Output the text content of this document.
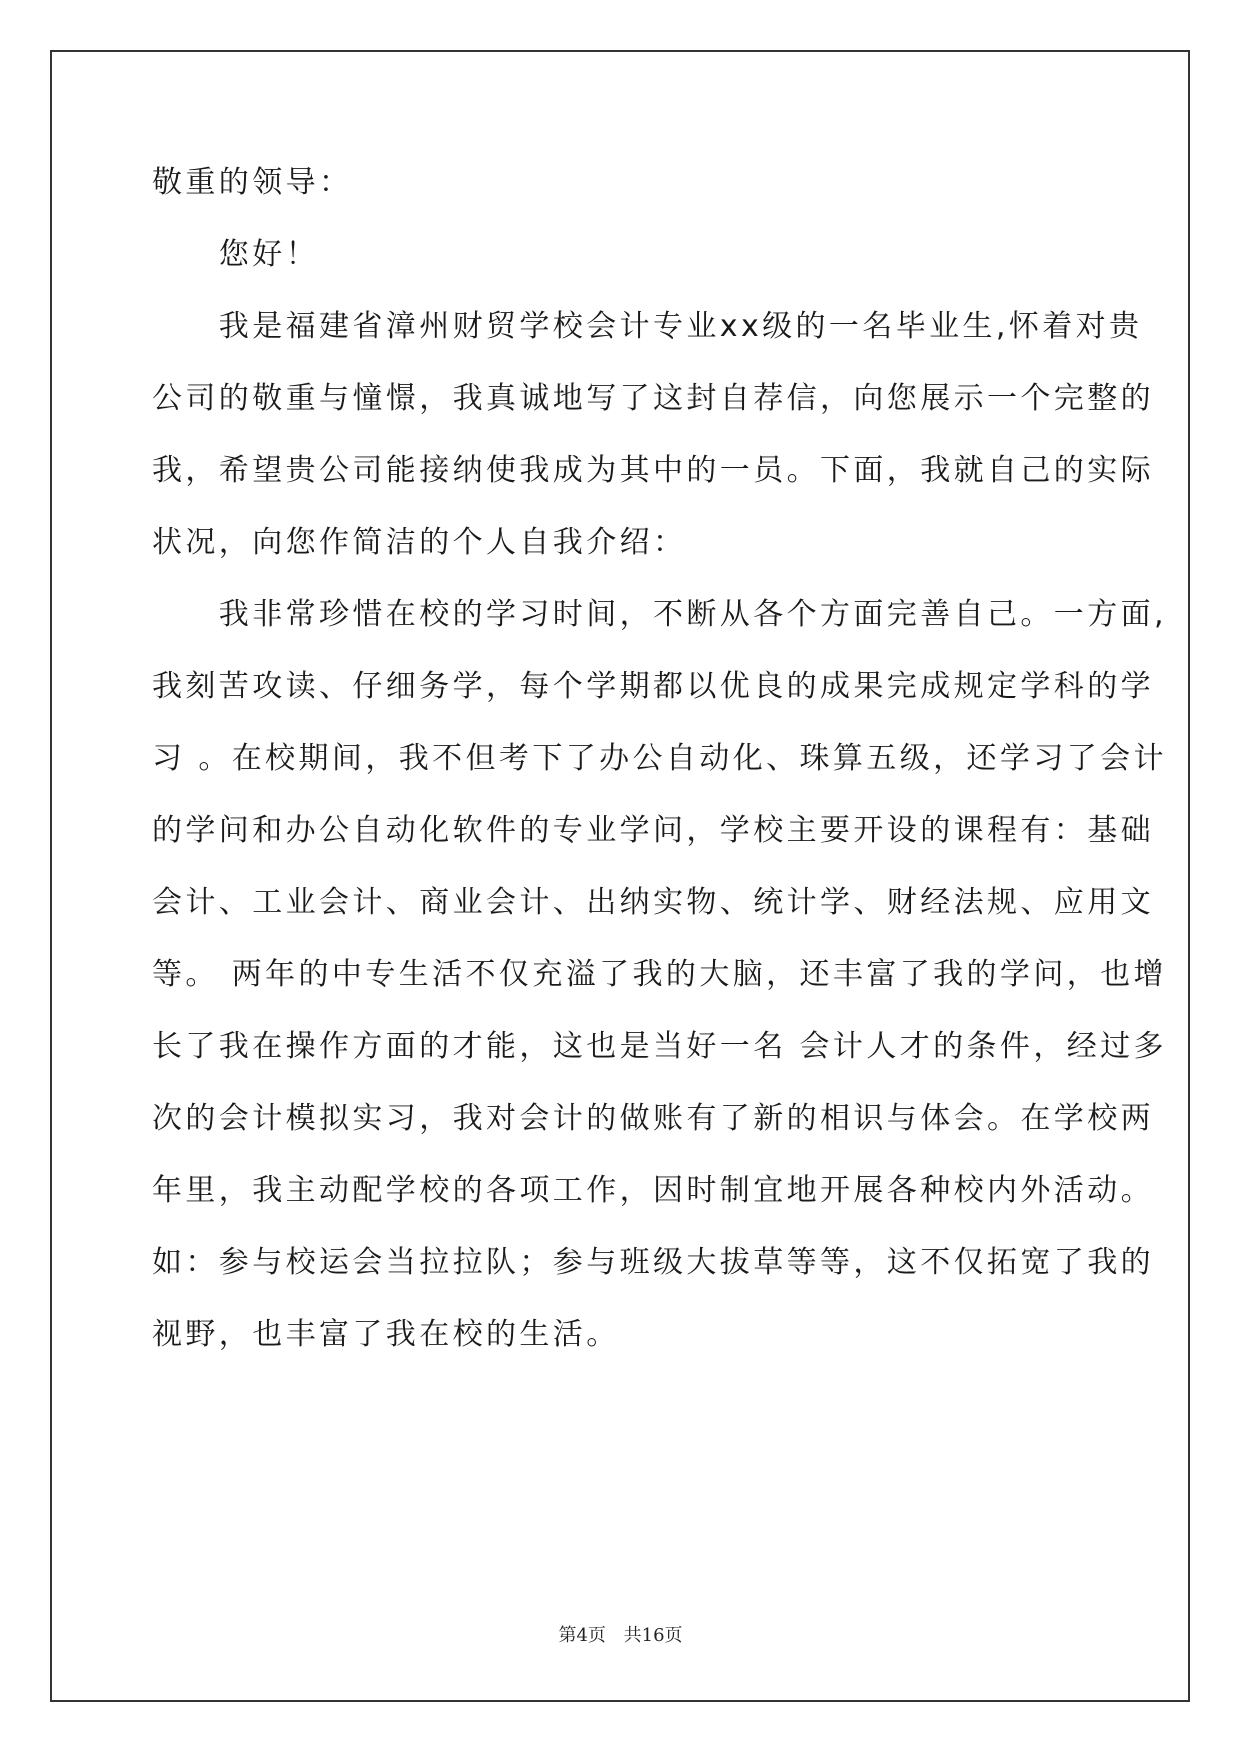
敬重的领导：
　　您好！
　　我是福建省漳州财贸学校会计专业xx级的一名毕业生,怀着对贵
公司的敬重与憧憬，我真诚地写了这封自荐信，向您展示一个完整的
我，希望贵公司能接纳使我成为其中的一员。下面，我就自己的实际
状况，向您作简洁的个人自我介绍：
　　我非常珍惜在校的学习时间，不断从各个方面完善自己。一方面,
我刻苦攻读、仔细务学，每个学期都以优良的成果完成规定学科的学
习 。在校期间，我不但考下了办公自动化、珠算五级，还学习了会计
的学问和办公自动化软件的专业学问，学校主要开设的课程有：基础
会计、工业会计、商业会计、出纳实物、统计学、财经法规、应用文
等。 两年的中专生活不仅充溢了我的大脑，还丰富了我的学问，也增
长了我在操作方面的才能，这也是当好一名 会计人才的条件，经过多
次的会计模拟实习，我对会计的做账有了新的相识与体会。在学校两
年里，我主动配学校的各项工作，因时制宜地开展各种校内外活动。
如：参与校运会当拉拉队；参与班级大拔草等等，这不仅拓宽了我的
视野，也丰富了我在校的生活。
第4页 共16页
